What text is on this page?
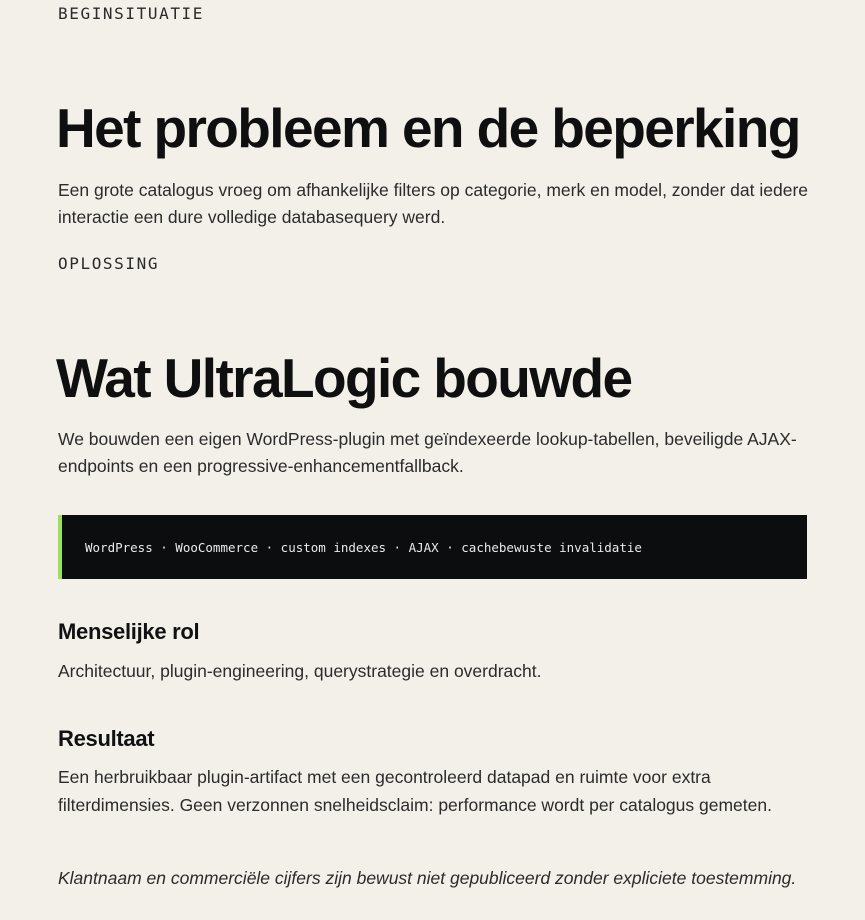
BEGINSITUATIE

Het probleem en de beperking

Een grote catalogus vroeg om afhankelijke filters op categorie, merk en model, zonder dat iedere interactie een dure volledige databasequery werd.

OPLOSSING

Wat UltraLogic bouwde

We bouwden een eigen WordPress-plugin met geïndexeerde lookup-tabellen, beveiligde AJAX-endpoints en een progressive-enhancementfallback.

WordPress · WooCommerce · custom indexes · AJAX · cachebewuste invalidatie
Menselijke rol

Architectuur, plugin-engineering, querystrategie en overdracht.

Resultaat

Een herbruikbaar plugin-artifact met een gecontroleerd datapad en ruimte voor extra filterdimensies. Geen verzonnen snelheidsclaim: performance wordt per catalogus gemeten.

Klantnaam en commerciële cijfers zijn bewust niet gepubliceerd zonder expliciete toestemming.
